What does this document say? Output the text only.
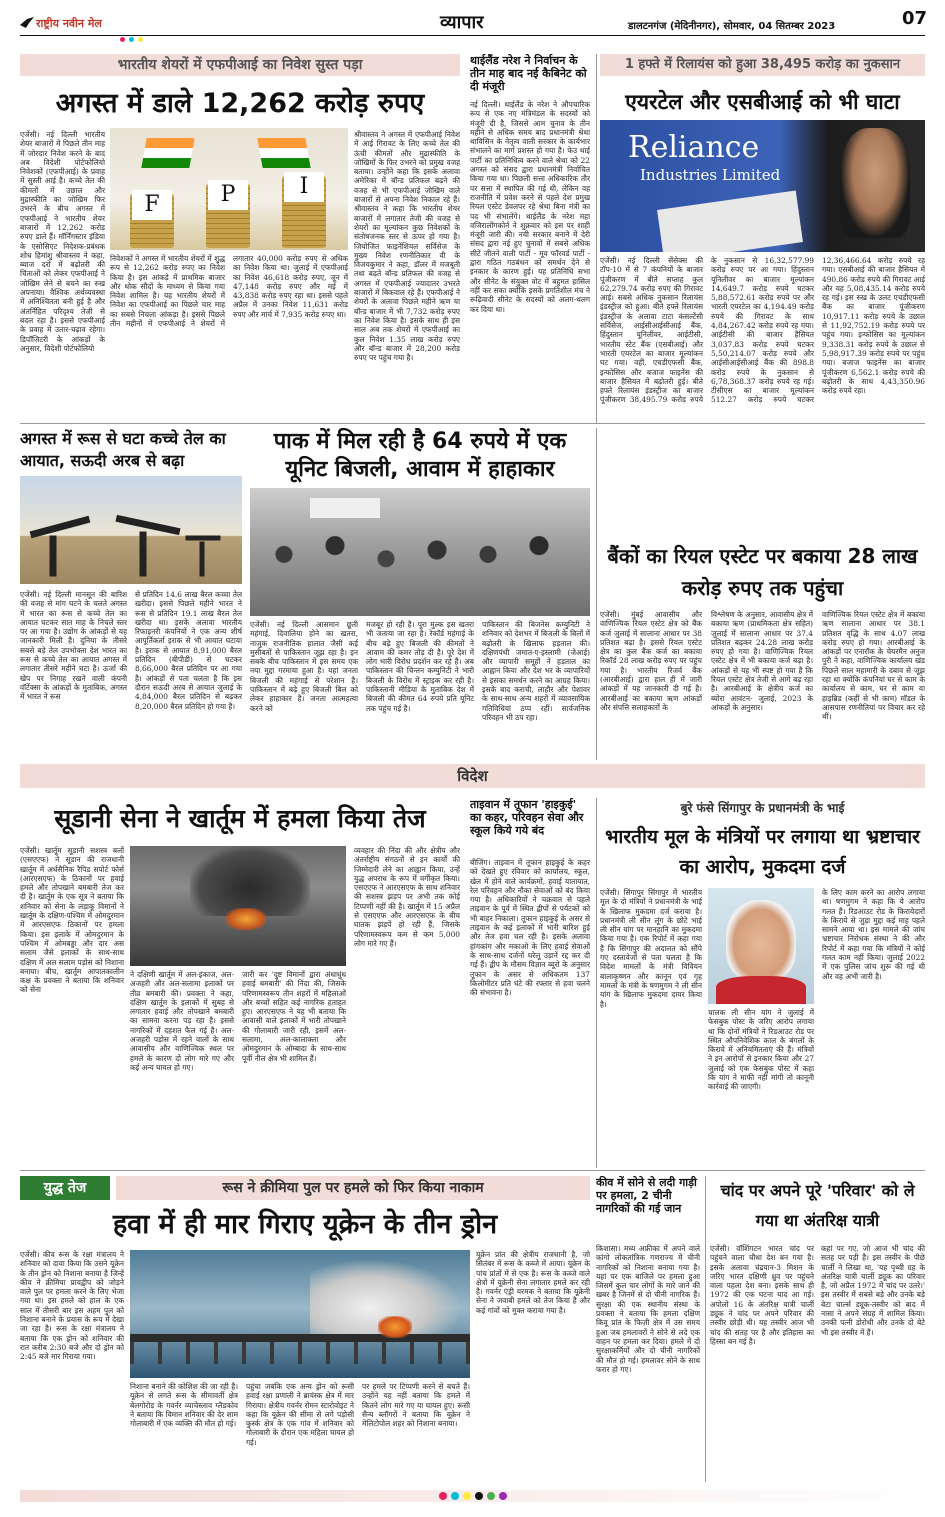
राष्ट्रीय नवीन मेल	व्यापार	डालटनगंज (मेदिनीनगर), सोमवार, 04 सितम्बर 2023	07
भारतीय शेयरों में एफपीआई का निवेश सुस्त पड़ा
अगस्त में डाले 12,262 करोड़ रुपए
एजेंसी। नई दिल्ली भारतीय शेयर बाजारों में पिछले तीन माह में जोरदार निवेश करने के बाद अब विदेशी पोर्टफोलियो निवेशकों (एफपीआई) के प्रवाह में सुस्ती आई है। कच्चे तेल की कीमतों में उछाल और मुद्रास्फीति का जोखिम फिर उभरने के बीच अगस्त में एफपीआई ने भारतीय शेयर बाजारों में 12,262 करोड़ रुपए डाले हैं। मॉर्निंगस्टार इंडिया के एसोसिएट निदेशक-प्रबंधक शोध हिमांशु श्रीवास्तव ने कहा, ब्याज दरों में बढ़ोतरी की चिंताओं को लेकर एफपीआई ने जोखिम लेने से बचने का रुख अपनाया। वैश्विक अर्थव्यवस्था में अनिश्चितता बनी हुई है और अंतर्निहित परिदृश्य तेजी से बदल रहा है। इससे एफपीआई के प्रवाह में उतार-चढ़ाव रहेगा। डिपॉजिटरी के आंकड़ों के अनुसार, विदेशी पोर्टफोलियो
F	P	I
निवेशकों ने अगस्त में भारतीय शेयरों में शुद्ध रूप से 12,262 करोड़ रुपए का निवेश किया है। इस आंकड़े में प्राथमिक बाजार और थोक सौदों के माध्यम से किया गया निवेश शामिल है। यह भारतीय शेयरों में निवेश का एफपीआई का पिछले चार माह का सबसे निचला आंकड़ा है। इससे पिछले तीन महीनों में एफपीआई ने शेयरों में लगातार 40,000 करोड़ रुपए से अधिक का निवेश किया था। जुलाई में एफपीआई का निवेश 46,618 करोड़ रुपए, जून में 47,148 करोड़ रुपए और मई में 43,838 करोड़ रुपए रहा था। इससे पहले अप्रैल में उनका निवेश 11,631 करोड़ रुपए और मार्च में 7,935 करोड़ रुपए था।
श्रीवास्तव ने अगस्त में एफपीआई निवेश में आई गिरावट के लिए कच्चे तेल की ऊंची कीमतों और मुद्रास्फीति के जोखिमों के फिर उभरने को प्रमुख वजह बताया। उन्होंने कहा कि इसके अलावा अमेरिका में बॉन्ड प्रतिफल बढ़ने की वजह से भी एफपीआई जोखिम वाले बाजारों से अपना निवेश निकाल रहे हैं। श्रीवास्तव ने कहा कि भारतीय शेयर बाजारों में लगातार तेजी की वजह से शेयरों का मूल्यांकन कुछ निवेशकों के संतोषजनक स्तर से ऊपर हो गया है। जियोजित फाइनेंशियल सर्विसेज के मुख्य निवेश रणनीतिकार वी के विजयकुमार ने कहा, डॉलर में मजबूती तथा बढ़ते बॉन्ड प्रतिफल की वजह से अगस्त में एफपीआई ज्यादातर उभरते बाजारों में बिकवाल रहे हैं। एफपीआई ने शेयरों के अलावा पिछले महीने ऋण या बॉन्ड बाजार में भी 7,732 करोड़ रुपए का निवेश किया है। इसके साथ ही इस साल अब तक शेयरों में एफपीआई का कुल निवेश 1.35 लाख करोड़ रुपए और बॉन्ड बाजार में 28,200 करोड़ रुपए पर पहुंच गया है।
थाईलैंड नरेश ने निर्वाचन के तीन माह बाद नई कैबिनेट को दी मंजूरी
नई दिल्ली। थाईलैंड के नरेश ने औपचारिक रूप से एक नए मंत्रिमंडल के सदस्यों को मंजूरी दी है, जिससे आम चुनाव के तीन महीने से अधिक समय बाद प्रधानमंत्री श्रेथा थाविसिन के नेतृत्व वाली सरकार के कार्यभार संभालने का मार्ग प्रशस्त हो गया है। फेउ थाई पार्टी का प्रतिनिधित्व करने वाले श्रेथा को 22 अगस्त को संसद द्वारा प्रधानमंत्री निर्वाचित किया गया था। पिछली सत्ता अधिकारिक तौर पर सत्ता में स्थापित की गई थी, लेकिन वह राजनीति में प्रवेश करने से पहले देश प्रमुख रियल एस्टेट डेवलपर रहे श्रेथा बिना मंत्री का पद भी संभालेंगे। थाईलैंड के नरेश महा वजिरालोंगकोर्न ने शुक्रवार को इस पर शाही मंजूरी जारी की। नयी सरकार बनाने में देरी संसद द्वारा नई हुए चुनावों में सबसे अधिक सीटें जीतने वाली पार्टी - मूव फॉरवर्ड पार्टी - द्वारा गठित गठबंधन को समर्थन देने से इनकार के कारण हुई। यह प्रतिनिधि सभा और सीनेट के संयुक्त वोट में बहुमत हासिल नहीं कर सका क्योंकि इसके प्रगतिशील मंच ने रूढ़िवादी सीनेट के सदस्यों को अलग-थलग कर दिया था।
1 हफ्ते में रिलायंस को हुआ 38,495 करोड़ का नुकसान
एयरटेल और एसबीआई को भी घाटा
Reliance
Industries Limited
एजेंसी। नई दिल्ली सेंसेक्स की टॉप-10 में से 7 कंपनियों के बाजार पूंजीकरण में बीते सप्ताह कुल 62,279.74 करोड़ रुपए की गिरावट आई। सबसे अधिक नुकसान रिलायंस इंडस्ट्रीज को हुआ। बीते हफ्ते रिलायंस इंडस्ट्रीज के अलावा टाटा कंसल्टेंसी सर्विसेज, आईसीआईसीआई बैंक, हिंदुस्तान यूनिलीवर, आईटीसी, भारतीय स्टेट बैंक (एसबीआई) और भारती एयरटेल का बाजार मूल्यांकन घट गया। वहीं, एचडीएफसी बैंक, इन्फोसिस और बजाज फाइनेंस की बाजार हैसियत में बढ़ोतरी हुई। बीते हफ्ते रिलायंस इंडस्ट्रीज का बाजार पूंजीकरण 38,495.79 करोड़ रुपये के नुकसान से 16,32,577.99 करोड़ रुपए पर आ गया। हिंदुस्तान यूनिलीवर का बाजार मूल्यांकन 14,649.7 करोड़ रुपये घटकर 5,88,572.61 करोड़ रुपये पर और भारती एयरटेल का 4,194.49 करोड़ रुपये की गिरावट के साथ 4,84,267.42 करोड़ रुपये रह गया। आईटीसी की बाजार हैसियत 3,037.83 करोड़ रुपये घटकर 5,50,214.07 करोड़ रुपये और आईसीआईसीआई बैंक की 898.8 करोड़ रुपये के नुकसान से 6,78,368.37 करोड़ रुपये रह गई। टीसीएस का बाजार मूल्यांकन 512.27 करोड़ रुपये घटकर 12,36,466.64 करोड़ रुपये रह गया। एसबीआई की बाजार हैसियत में 490.86 करोड़ रुपये की गिरावट आई और यह 5,08,435.14 करोड़ रुपये रह गई। इस रुख के उलट एचडीएफसी बैंक का बाजार पूंजीकरण 10,917.11 करोड़ रुपये के उछाल से 11,92,752.19 करोड़ रुपये पर पहुंच गया। इन्फोसिस का मूल्यांकन 9,338.31 करोड़ रुपये के उछाल से 5,98,917.39 करोड़ रुपये पर पहुंच गया। बजाज फाइनेंस का बाजार पूंजीकरण 6,562.1 करोड़ रुपये की बढ़ोतरी के साथ 4,43,350.96 करोड़ रुपये रहा।
अगस्त में रूस से घटा कच्चे तेल का आयात, सऊदी अरब से बढ़ा
एजेंसी। नई दिल्ली मानसून की बारिश की वजह से मांग घटने के चलते अगस्त में भारत का रूस से कच्चे तेल का आयात घटकर सात माह के निचले स्तर पर आ गया है। उद्योग के आंकड़ों से यह जानकारी मिली है। दुनिया के तीसरे सबसे बड़े तेल उपभोक्ता देश भारत का रूस से कच्चे तेल का आयात अगस्त में लगातार तीसरे महीने घटा है। ऊर्जा की खेप पर निगाह रखने वाली कंपनी वॉर्टेक्सा के आंकड़ों के मुताबिक, अगस्त में भारत ने रूस
से प्रतिदिन 14.6 लाख बैरल कच्चा तेल खरीदा। इससे पिछले महीने भारत ने रूस से प्रतिदिन 19.1 लाख बैरल तेल खरीदा था। इसके अलावा भारतीय रिफाइनरी कंपनियों ने एक अन्य शीर्ष आपूर्तिकर्ता इराक से भी आयात घटाया है। इराक से आयात 8,91,000 बैरल प्रतिदिन (बीपीडी) से घटकर 8,66,000 बैरल प्रतिदिन पर आ गया है। आंकड़ों से पता चलता है कि इस दौरान सऊदी अरब से आयात जुलाई के 4,84,000 बैरल प्रतिदिन से बढ़कर 8,20,000 बैरल प्रतिदिन हो गया है।
पाक में मिल रही है 64 रुपये में एक यूनिट बिजली, आवाम में हाहाकार
एजेंसी। नई दिल्ली आसमान छूती महंगाई, दिवालिया होने का खतरा, नाजुक राजनीतिक हालात जैसी कई मुसीबतों से पाकिस्तान जूझ रहा है। इन सबके बीच पाकिस्तान में इस समय एक नया मुद्दा गरमाया हुआ है। यहां जनता बिजली की महंगाई से परेशान है। पाकिस्तान में बढ़े हुए बिजली बिल को लेकर हाहाकार है। जनता आत्महत्या करने को
मजबूर हो रही है। पूरा मुल्क इस खतरा भी जताया जा रहा है। रेकॉर्ड महंगाई के बीच बढ़े हुए बिजली की कीमतों ने आवाम की कमर तोड़ दी है। पूरे देश में लोग भारी विरोध प्रदर्शन कर रहे हैं। अब पाकिस्तान की चिन्तन कम्युनिटी ने भारी बिजली के विरोध में स्ट्राइक कर रही है। पाकिस्तानी मीडिया के मुताबिक देश में बिजली की कीमत 64 रुपये प्रति यूनिट तक पहुंच गई है।
पाकिस्तान की बिजनेस कम्युनिटी ने शनिवार को देशभर में बिजली के बिलों में बढ़ोतरी के खिलाफ हड़ताल की। दक्षिणपंथी जमात-ए-इस्लामी (जेआई) और व्यापारी समूहों ने हड़ताल का आह्वान किया और देश भर के व्यापारियों से इसका समर्थन करने का आग्रह किया। इसके बाद कराची, लाहौर और पेशावर के साथ-साथ अन्य शहरों में व्यावसायिक गतिविधियां ठप्प रहीं। सार्वजनिक परिवहन भी ठप रहा।
बैंकों का रियल एस्टेट पर बकाया 28 लाख करोड़ रुपए तक पहुंचा
एजेंसी। मुंबई आवासीय और वाणिज्यिक रियल एस्टेट क्षेत्र को बैंक कर्ज जुलाई में सालाना आधार पर 38 प्रतिशत बढ़ा है। इससे रियल एस्टेट क्षेत्र का कुल बैंक कर्ज का बकाया रिकॉर्ड 28 लाख करोड़ रुपए पर पहुंच गया है। भारतीय रिजर्व बैंक (आरबीआई) द्वारा हाल ही में जारी आंकड़ों में यह जानकारी दी गई है। आरबीआई का बकाया ऋण आंकड़ों और संपत्ति सलाहकारों के
विश्लेषण के अनुसार, आवासीय क्षेत्र में बकाया ऋण (प्राथमिकता क्षेत्र सहित) जुलाई में सालाना आधार पर 37.4 प्रतिशत बढ़कर 24.28 लाख करोड़ रुपए हो गया है। वाणिज्यिक रियल एस्टेट क्षेत्र में भी बकाया कर्ज बढ़ा है। आंकड़ों से यह भी स्पष्ट हो गया है कि रियल एस्टेट क्षेत्र तेजी से आगे बढ़ रहा है। आरबीआई के क्षेत्रीय कर्ज का ब्योरा आवंटन- जुलाई, 2023 के आंकड़ों के अनुसार।
वाणिज्यिक रियल एस्टेट क्षेत्र में बकाया ऋण सालाना आधार पर 38.1 प्रतिशत वृद्धि के साथ 4.07 लाख करोड़ रुपए हो गया। आरबीआई के आंकड़ों पर एनारॉक के चेयरमैन अनुज पुरी ने कहा, वाणिज्यिक कार्यालय खंड पिछले साल महामारी के दबाव से जूझ रहा था क्योंकि कंपनियां घर से काम के कार्यालय से काम, घर से काम या हाइब्रिड (कहीं से भी काम) मॉडल के आसपास रणनीतियां पर विचार कर रहे थीं।
विदेश
सूडानी सेना ने खार्तूम में हमला किया तेज
एजेंसी। खार्तूम सूडानी सशस्त्र बलों (एसएएफ) ने सूडान की राजधानी खार्तूम में अर्धसैनिक रैपिड सपोर्ट फोर्स (आरएसएफ) के ठिकानों पर हवाई हमले और तोपखाने बमबारी तेज कर दी है। खार्तूम के एक सूत्र ने बताया कि शनिवार को सेना के लड़ाकू विमानों ने खार्तूम के दक्षिण-पश्चिम में ओमदुरमान में आरएसएफ ठिकानों पर हमला किया। इस इलाके में ओमदुरमान के पश्चिम में ओमबड्डा और दार अस सलाम जैसे इलाकों के साथ-साथ दक्षिण में अल सलाम पड़ोस को निशाना बनाया। बीच, खार्तूम आपातकालीन कक्ष के प्रवक्ता ने बताया कि शनिवार को सेना
ने दक्षिणी खार्तूम में अल-इंकाज, अल-अजहरी और अल-सलामा इलाकों पर तीव्र बमबारी की। प्रवक्ता ने कहा, दक्षिण खार्तूम के इलाकों में सुबह से लगातार हवाई और तोपखाने बमबारी का सामना करना पड़ रहा है। इससे नागरिकों में दहशत फैल गई है। अल-अजहरी पड़ोस में रहने वालों के साथ आवासीय और वाणिज्यिक स्थल पर हमले के कारण दो लोग मारे गए और कई अन्य घायल हो गए।
जारी कर 'दुष्ट विमानों द्वारा अंधाधुंध हवाई बमबारी' की निंदा की, जिसके परिणामस्वरूप तीन शहरों में महिलाओं और बच्चों सहित कई नागरिक हताहत हुए। आरएसएफ ने यह भी बताया कि आवासी वाले इलाकों में भारी तोपखाने की गोलाबारी जारी रही, इसमें अल-सलामा, अल-कालाक्ला और ओमदुरमान के ओम्बादा के साथ-साथ पूर्वी नील क्षेत्र भी शामिल हैं।
व्यवहार की निंदा की और क्षेत्रीय और अंतर्राष्ट्रीय संगठनों से इन कार्यों की जिम्मेदारी लेने का आह्वान किया, उन्हें युद्ध अपराध के रूप में वर्गीकृत किया। एसएएफ ने आरएसएफ के साथ शनिवार की सशस्त्र झड़प पर अभी तक कोई टिप्पणी नहीं की है। खार्तूम में 15 अप्रैल से एसएएफ और आरएसएफ के बीच घातक झड़पें हो रही हैं, जिसके परिणामस्वरूप कम से कम 5,000 लोग मारे गए हैं।
ताइवान में तूफान 'हाइकुई' का कहर, परिवहन सेवा और स्कूल किये गये बंद
बीजिंग। ताइवान में तूफान हाइकुई के कहर को देखते हुए रविवार को कार्यालय, स्कूल, खेल में होने वाले कार्यक्रमों, हवाई यातायात, रेल परिवहन और नौका सेवाओं को बंद किया गया है। अधिकारियों ने चक्रवात से पहले ताइवान के पूर्व में स्थित द्वीपों से पर्यटकों को भी बाहर निकाला। तूफान हाइकुई के असर से ताइवान के कई इलाकों में भारी बारिश हुई और तेज हवा चल रही है। इसके अलावा हांगकांग और मकाओ के लिए हवाई सेवाओं के साथ-साथ दर्जनों घरेलू उड़ानें रद्द कर दी गई हैं। द्वीप के मौसम विज्ञान ब्यूरो के अनुसार तूफान के असर से अधिकतम 137 किलोमीटर प्रति घंटे की रफ्तार से हवा चलने की संभावना है।
बुरे फंसे सिंगापुर के प्रधानमंत्री के भाई
भारतीय मूल के मंत्रियों पर लगाया था भ्रष्टाचार का आरोप, मुकदमा दर्ज
एजेंसी। सिंगापुर सिंगापुर में भारतीय मूल के दो मंत्रियों ने प्रधानमंत्री के भाई के खिलाफ मुकदमा दर्ज कराया है। प्रधानमंत्री ली सीन लूंग के छोटे भाई ली सीन यांग पर मानहानि का मुकदमा किया गया है। एक रिपोर्ट में कहा गया है कि सिंगापुर की अदालत को सौंपे गए दस्तावेजों से पता चलता है कि विदेश मामलों के मंत्री विवियन बालाकृष्णन और कानून एवं गृह मामलों के मंत्री के षणमुगम ने ली सीन यांग के खिलाफ मुकदमा दायर किया है।
चालक ली सीन यांग ने जुलाई में फेसबुक पोस्ट के जरिए आरोप लगाया था कि दोनों मंत्रियों ने रिडआउट रोड पर स्थित औपनिवेशिक काल के बंगलों के किराये में अनियमितताएं की हैं। मंत्रियों ने इन आरोपों से इनकार किया और 27 जुलाई को एक फेसबुक पोस्ट में कहा कि यांग ने माफी नहीं मांगी तो कानूनी कार्रवाई की जाएगी।
के लिए काम करने का आरोप लगाया था। षणमुगम ने कहा कि ये आरोप गलत हैं। रिडआउट रोड के किरायेदारों के किराये से जुड़ा मुद्दा कई माह पहले सामने आया था। इस मामले की जांच भ्रष्टाचार निरोधक संस्था ने की और रिपोर्ट में कहा गया कि मंत्रियों ने कोई गलत काम नहीं किया। जुलाई 2022 में एक पुलिस जांच शुरू की गई थी और वह अभी जारी है।
युद्ध तेज	रूस ने क्रीमिया पुल पर हमले को फिर किया नाकाम
हवा में ही मार गिराए यूक्रेन के तीन ड्रोन
एजेंसी। कीव रूस के रक्षा मंत्रालय ने शनिवार को दावा किया कि उसने यूक्रेन के तीन ड्रोन को निशाना बनाया है जिन्हें कीव ने क्रीमिया प्रायद्वीप को जोड़ने वाले पुल पर हमला करने के लिए भेजा गया था। इस हमले को हाल के एक साल में तीसरी बार इस अहम पुल को निशाना बनाने के प्रयास के रूप में देखा जा रहा है। रूस के रक्षा मंत्रालय ने बताया कि एक ड्रोन को शनिवार की रात करीब 2:30 बजे और दो ड्रोन को 2:45 बजे मार गिराया गया।
निशाना बनाने की कोशिश की जा रही है। यूक्रेन से लगते रूस के सीमावर्ती क्षेत्र बेलगोरोड के गवर्नर व्याचेस्लाव ग्लैडकोव ने बताया कि विमान शनिवार की देर शाम गोलाबारी में एक व्यक्ति की मौत हो गई।
पहुंचा जबकि एक अन्य ड्रोन को रूसी हवाई रक्षा प्रणाली ने ब्रायंस्क क्षेत्र में मार गिराया। क्षेत्रीय गवर्नर रोमन स्टारोवोइट ने कहा कि यूक्रेन की सीमा से लगे पड़ोसी कुर्स्क क्षेत्र के एक गांव में शनिवार को गोलाबारी के दौरान एक महिला घायल हो गई।
पर हमले पर टिप्पणी करने से बचते हैं। उन्होंने यह नहीं बताया कि हमले में कितने लोग मारे गए या घायल हुए। रूसी सैन्य ब्लॉगरों ने बताया कि यूक्रेन ने मेलिटोपोल शहर को निशाना बनाया।
यूक्रेन प्रांत की क्षेत्रीय राजधानी है, जो सितंबर में रूस के कब्जे में आया। यूक्रेन के पांच प्रांतों में से एक है। रूस के कब्जे वाले क्षेत्रों में यूक्रेनी सेना लगातार हमले कर रही है। गवर्नर एंड्री यरमक ने बताया कि यूक्रेनी सेना ने जवाबी हमले को तेज किया है और कई गांवों को मुक्त कराया गया है।
कीव में सोने से लदी गाड़ी पर हमला, 2 चीनी नागरिकों की गई जान
किशासा। मध्य अफ्रीका में अपने वाले कांगो लोकतांत्रिक गणराज्य में चीनी नागरिकों को निशाना बनाया गया है। यहां पर एक बाजिले पर हमला हुआ जिसमें कुल चार लोगों के मारे जाने की खबर है जिनमें से दो चीनी नागरिक हैं। सुरक्षा की एक स्थानीय संस्था के प्रवक्ता ने बताया कि हमला दक्षिण किवू प्रांत के फिज़ी क्षेत्र में उस समय हुआ जब हमलावरों ने सोने से लदे एक वाहन पर हमला कर दिया। हमले में दो सुरक्षाकर्मियों और दो चीनी नागरिकों की मौत हो गई। हमलावर सोने के साथ फरार हो गए।
चांद पर अपने पूरे 'परिवार' को ले गया था अंतरिक्ष यात्री
एजेंसी। वॉशिंगटन भारत चांद पर पहुंचने वाला चौथा देश बन गया है। इसके अलावा चंद्रयान-3 मिशन के जरिए भारत दक्षिणी ध्रुव पर पहुंचने वाला पहला देश बना। इसके साथ ही 1972 की एक घटना याद आ गई। अपोलो 16 के अंतरिक्ष यात्री चार्ली ड्यूक ने चांद पर अपने परिवार की तस्वीर छोड़ी थी। यह तस्वीर आज भी चांद की सतह पर है और इतिहास का हिस्सा बन गई है।
कहां पर गए, जो आज भी चांद की सतह पर पड़ी है। इस तस्वीर के पीछे चार्ली ने लिखा था, 'यह पृथ्वी ग्रह के अंतरिक्ष यात्री चार्ली ड्यूक का परिवार है, जो अप्रैल 1972 में चांद पर उतरे।' इस तस्वीर में सबसे बड़े और उनके बड़े बेटा चार्ल्स ड्यूक-तस्वीर को बाद में नासा ने अपने संग्रह में शामिल किया। उनकी पत्नी डोरोथी और उनके दो बेटे भी इस तस्वीर में हैं।
